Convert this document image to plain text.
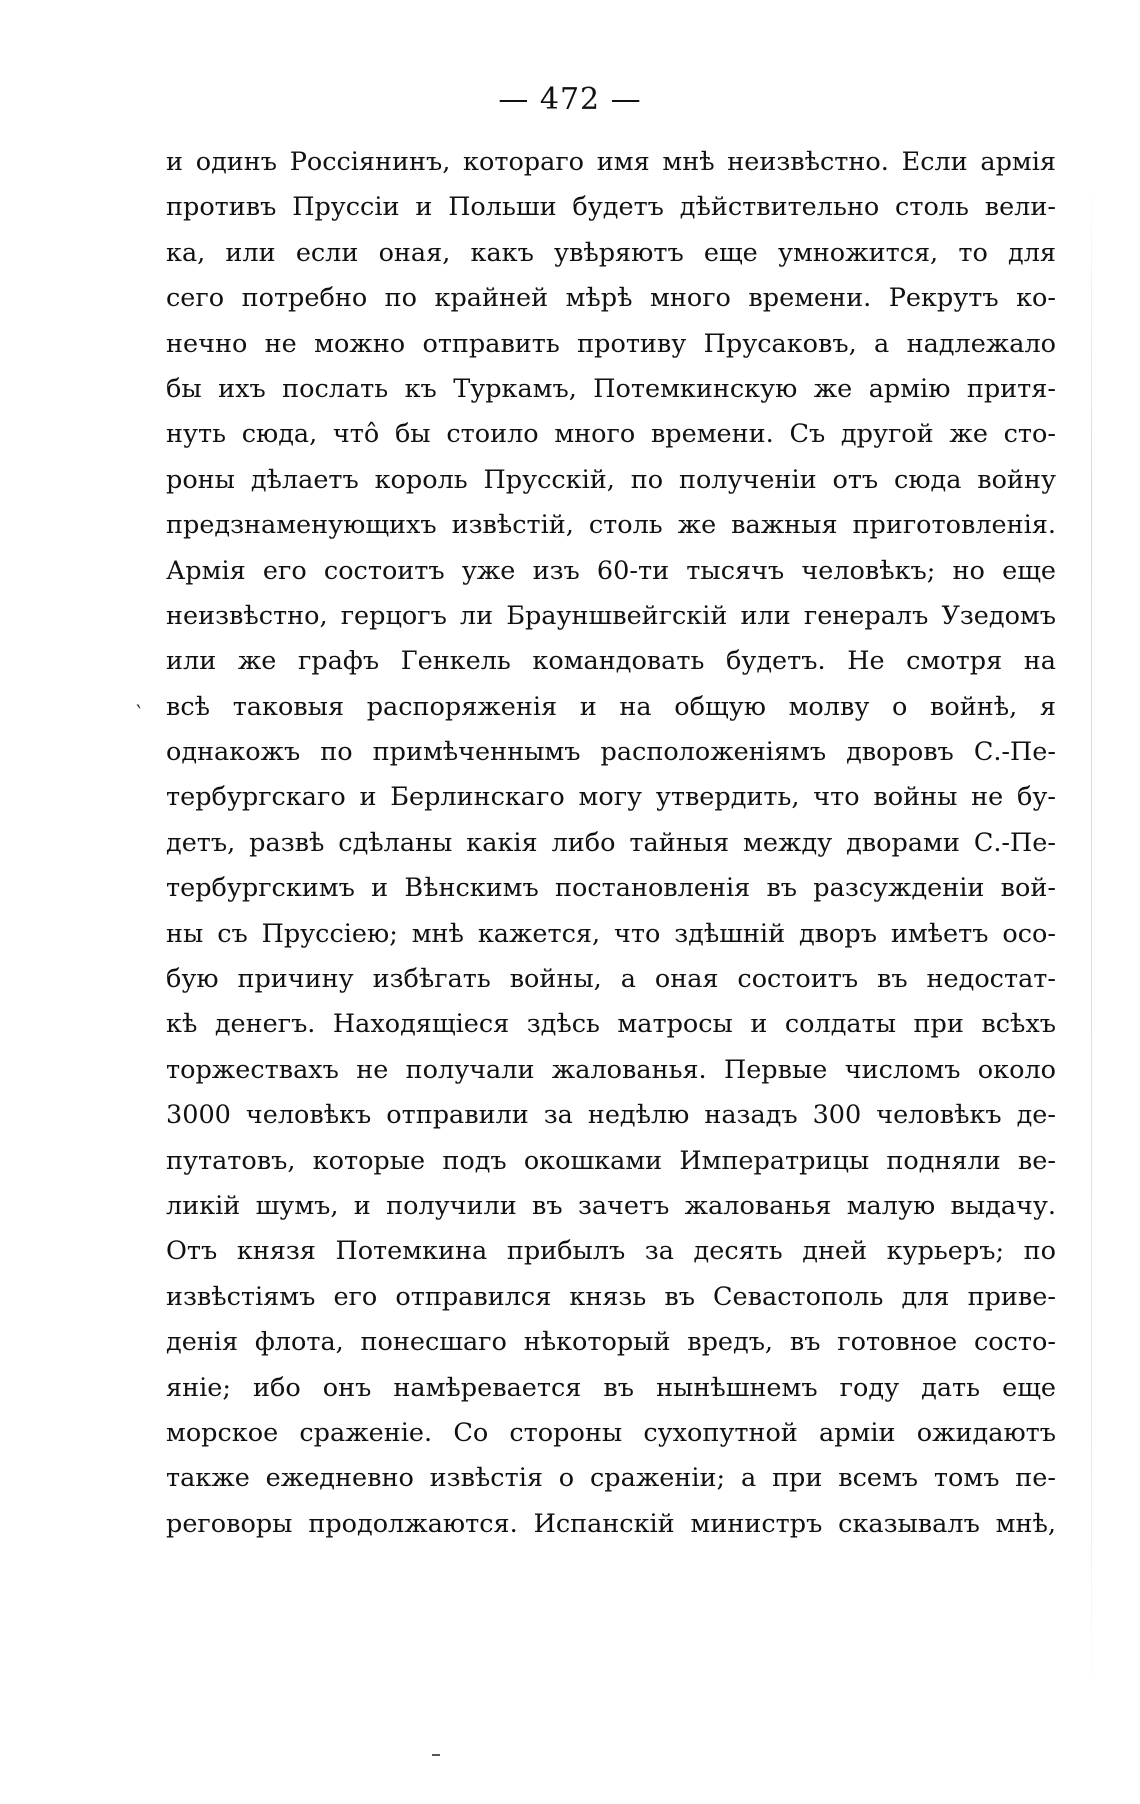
— 472 —
‵
и одинъ Россіянинъ, котораго имя мнѣ неизвѣстно. Если армія
противъ Пруссіи и Польши будетъ дѣйствительно столь вели-
ка, или если оная, какъ увѣряютъ еще умножится, то для
сего потребно по крайней мѣрѣ много времени. Рекрутъ ко-
нечно не можно отправить противу Прусаковъ, а надлежало
бы ихъ послать къ Туркамъ, Потемкинскую же армію притя-
нуть сюда, что̂ бы стоило много времени. Съ другой же сто-
роны дѣлаетъ король Прусскій, по полученіи отъ сюда войну
предзнаменующихъ извѣстій, столь же важныя приготовленія.
Армія его состоитъ уже изъ 60-ти тысячъ человѣкъ; но еще
неизвѣстно, герцогъ ли Брауншвейгскій или генералъ Узедомъ
или же графъ Генкель командовать будетъ. Не смотря на
всѣ таковыя распоряженія и на общую молву о войнѣ, я
однакожъ по примѣченнымъ расположеніямъ дворовъ С.-Пе-
тербургскаго и Берлинскаго могу утвердить, что войны не бу-
детъ, развѣ сдѣланы какія либо тайныя между дворами С.-Пе-
тербургскимъ и Вѣнскимъ постановленія въ разсужденіи вой-
ны съ Пруссіею; мнѣ кажется, что здѣшній дворъ имѣетъ осо-
бую причину избѣгать войны, а оная состоитъ въ недостат-
кѣ денегъ. Находящіеся здѣсь матросы и солдаты при всѣхъ
торжествахъ не получали жалованья. Первые числомъ около
3000 человѣкъ отправили за недѣлю назадъ 300 человѣкъ де-
путатовъ, которые подъ окошками Императрицы подняли ве-
ликій шумъ, и получили въ зачетъ жалованья малую выдачу.
Отъ князя Потемкина прибылъ за десять дней курьеръ; по
извѣстіямъ его отправился князь въ Севастополь для приве-
денія флота, понесшаго нѣкоторый вредъ, въ готовное состо-
яніе; ибо онъ намѣревается въ нынѣшнемъ году дать еще
морское сраженіе. Со стороны сухопутной арміи ожидаютъ
также ежедневно извѣстія о сраженіи; а при всемъ томъ пе-
реговоры продолжаются. Испанскій министръ сказывалъ мнѣ,
